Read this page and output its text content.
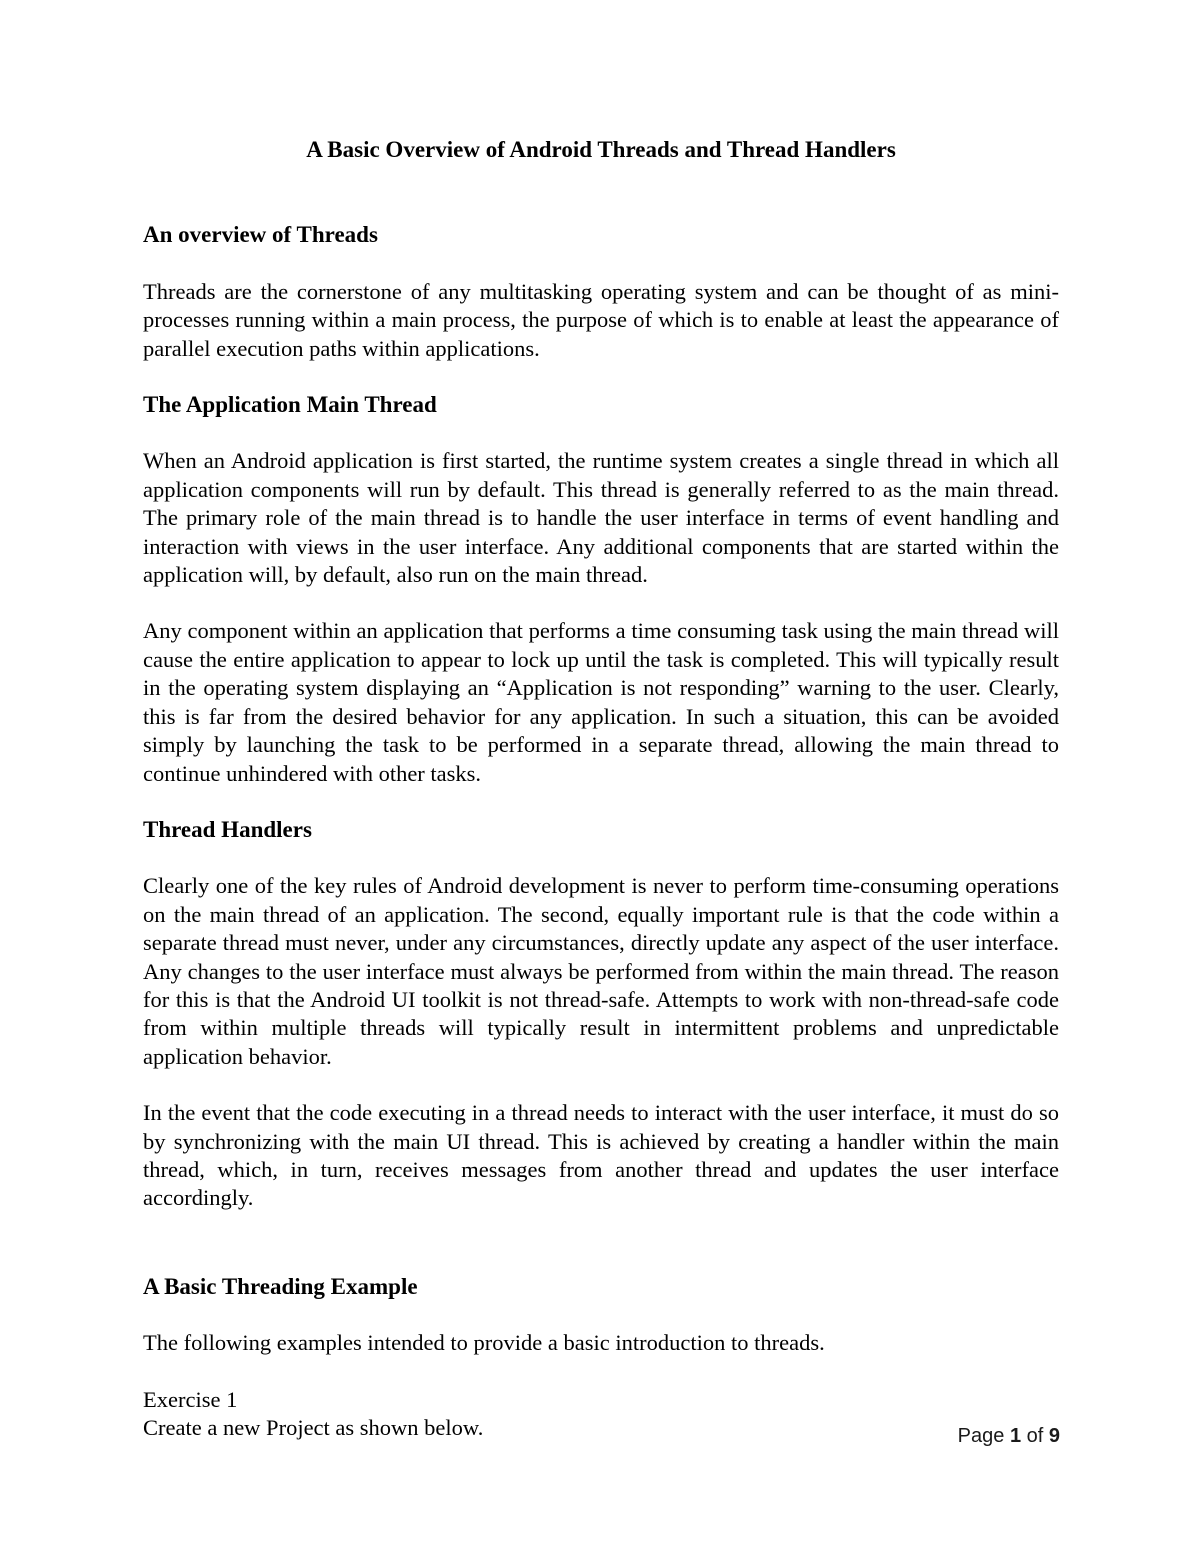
A Basic Overview of Android Threads and Thread Handlers
An overview of Threads

Threads are the cornerstone of any multitasking operating system and can be thought of as mini-processes running within a main process, the purpose of which is to enable at least the appearance of parallel execution paths within applications.

The Application Main Thread

When an Android application is first started, the runtime system creates a single thread in which all application components will run by default. This thread is generally referred to as the main thread. The primary role of the main thread is to handle the user interface in terms of event handling and interaction with views in the user interface. Any additional components that are started within the application will, by default, also run on the main thread.

Any component within an application that performs a time consuming task using the main thread will cause the entire application to appear to lock up until the task is completed. This will typically result in the operating system displaying an “Application is not responding” warning to the user. Clearly, this is far from the desired behavior for any application. In such a situation, this can be avoided simply by launching the task to be performed in a separate thread, allowing the main thread to continue unhindered with other tasks.

Thread Handlers

Clearly one of the key rules of Android development is never to perform time-consuming operations on the main thread of an application. The second, equally important rule is that the code within a separate thread must never, under any circumstances, directly update any aspect of the user interface. Any changes to the user interface must always be performed from within the main thread. The reason for this is that the Android UI toolkit is not thread-safe. Attempts to work with non-thread-safe code from within multiple threads will typically result in intermittent problems and unpredictable application behavior.

In the event that the code executing in a thread needs to interact with the user interface, it must do so by synchronizing with the main UI thread. This is achieved by creating a handler within the main thread, which, in turn, receives messages from another thread and updates the user interface accordingly.

A Basic Threading Example

The following examples intended to provide a basic introduction to threads.

Exercise 1

Create a new Project as shown below.	Page 1 of 9
